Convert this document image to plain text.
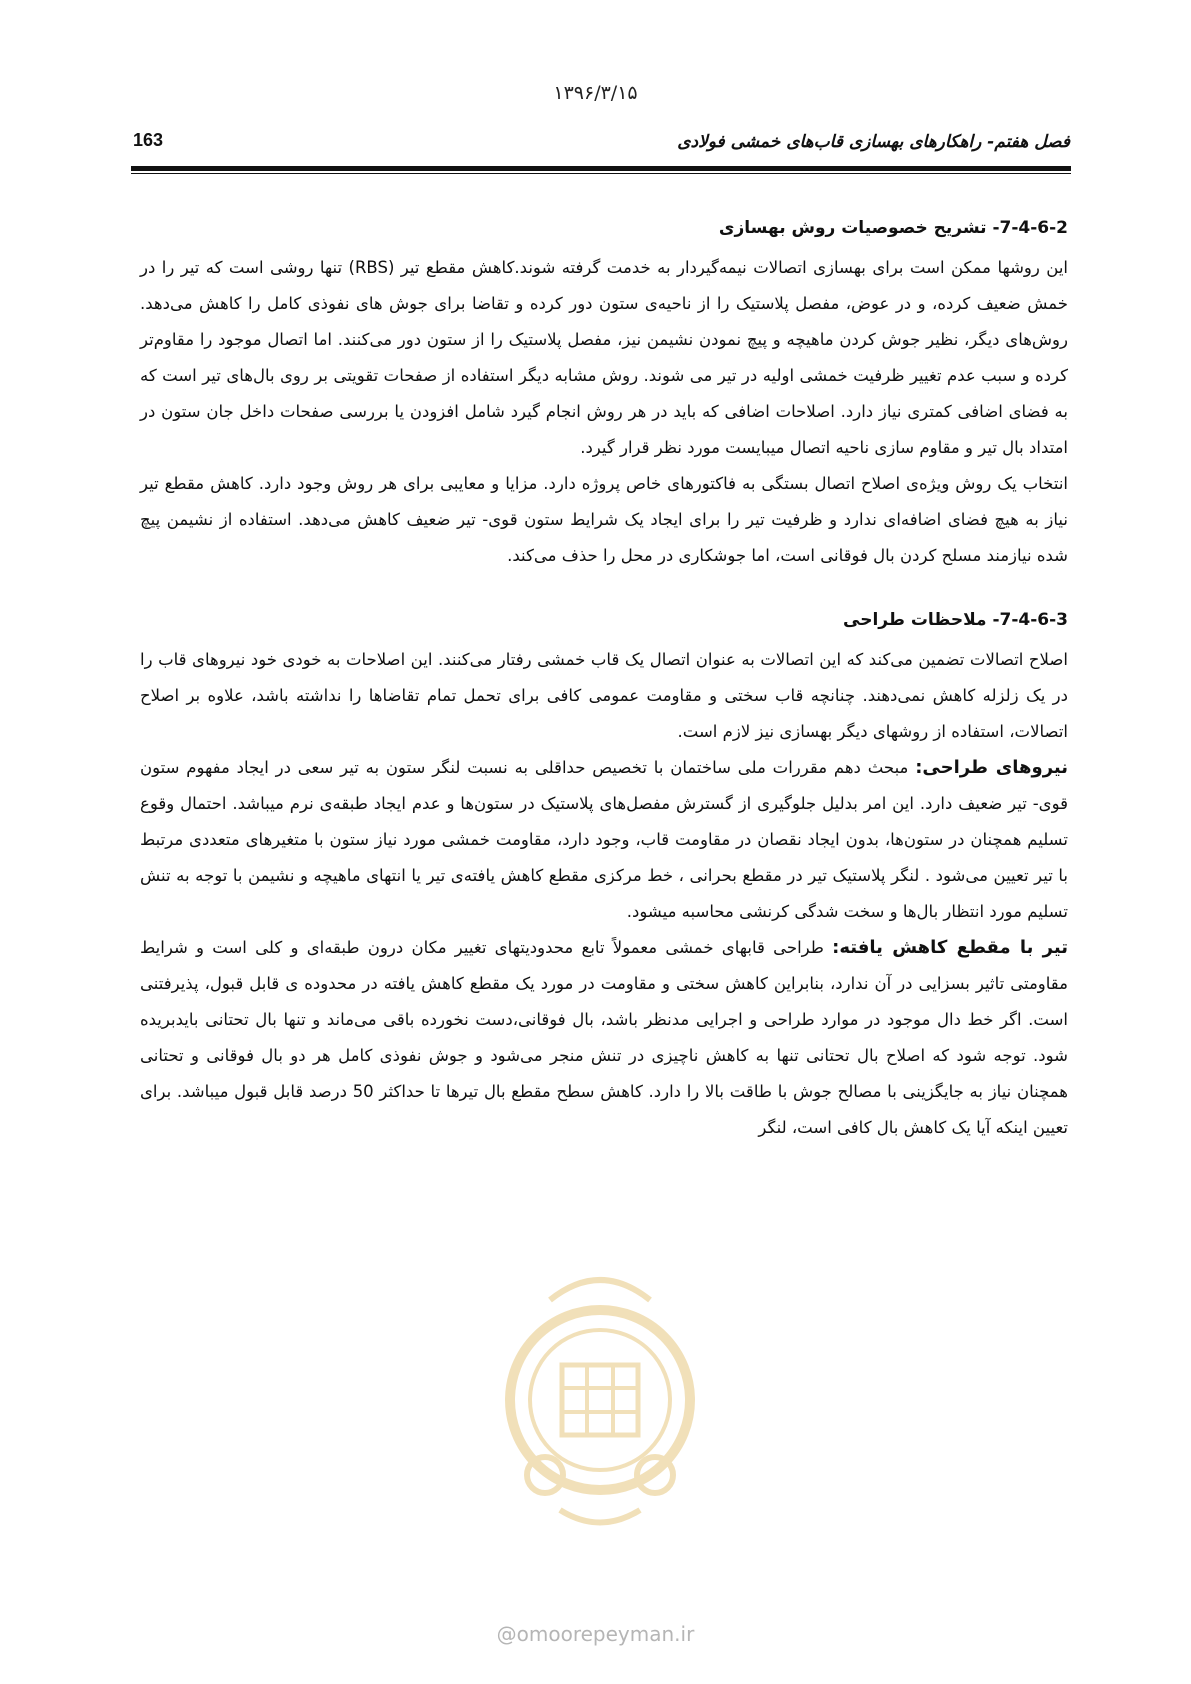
۱۳۹۶/۳/۱۵
فصل هفتم- راهکارهای بهسازی قاب‌های خمشی فولادی
163
7-4-6-2- تشریح خصوصیات روش بهسازی

این روشها ممکن است برای بهسازی اتصالات نیمه‌گیردار به خدمت گرفته شوند.کاهش مقطع تیر (RBS) تنها روشی است که تیر را در خمش ضعیف کرده، و در عوض، مفصل پلاستیک را از ناحیه‌ی ستون دور کرده و تقاضا برای جوش های نفوذی کامل را کاهش می‌دهد. روش‌های دیگر، نظیر جوش کردن ماهیچه و پیچ نمودن نشیمن نیز، مفصل پلاستیک را از ستون دور می‌کنند. اما اتصال موجود را مقاوم‌تر کرده و سبب عدم تغییر ظرفیت خمشی اولیه در تیر می شوند. روش مشابه دیگر استفاده از صفحات تقویتی بر روی بال‌های تیر است که به فضای اضافی کمتری نیاز دارد. اصلاحات اضافی که باید در هر روش انجام گیرد شامل افزودن یا بررسی صفحات داخل جان ستون در امتداد بال تیر و مقاوم سازی ناحیه اتصال میبایست مورد نظر قرار گیرد.

انتخاب یک روش ویژه‌ی اصلاح اتصال بستگی به فاکتورهای خاص پروژه دارد. مزایا و معایبی برای هر روش وجود دارد. کاهش مقطع تیر نیاز به هیچ فضای اضافه‌ای ندارد و ظرفیت تیر را برای ایجاد یک شرایط ستون قوی- تیر ضعیف کاهش می‌دهد. استفاده از نشیمن پیچ شده نیازمند مسلح کردن بال فوقانی است، اما جوشکاری در محل را حذف می‌کند.

7-4-6-3- ملاحظات طراحی

اصلاح اتصالات تضمین می‌کند که این اتصالات به عنوان اتصال یک قاب خمشی رفتار می‌کنند. این اصلاحات به خودی خود نیروهای قاب را در یک زلزله کاهش نمی‌دهند. چنانچه قاب سختی و مقاومت عمومی کافی برای تحمل تمام تقاضاها را نداشته باشد، علاوه بر اصلاح اتصالات، استفاده از روشهای دیگر بهسازی نیز لازم است.

نیروهای طراحی: مبحث دهم مقررات ملی ساختمان با تخصیص حداقلی به نسبت لنگر ستون به تیر سعی در ایجاد مفهوم ستون قوی- تیر ضعیف دارد. این امر بدلیل جلوگیری از گسترش مفصل‌های پلاستیک در ستون‌ها و عدم ایجاد طبقه‌ی نرم میباشد. احتمال وقوع تسلیم همچنان در ستون‌ها، بدون ایجاد نقصان در مقاومت قاب، وجود دارد، مقاومت خمشی مورد نیاز ستون با متغیرهای متعددی مرتبط با تیر تعیین می‌شود . لنگر پلاستیک تیر در مقطع بحرانی ، خط مرکزی مقطع کاهش یافته‌ی تیر یا انتهای ماهیچه و نشیمن با توجه به تنش تسلیم مورد انتظار بال‌ها و سخت شدگی کرنشی محاسبه میشود.

تیر با مقطع کاهش یافته: طراحی قابهای خمشی معمولاً تابع محدودیتهای تغییر مکان درون طبقه‌ای و کلی است و شرایط مقاومتی تاثیر بسزایی در آن ندارد، بنابراین کاهش سختی و مقاومت در مورد یک مقطع کاهش یافته در محدوده ی قابل قبول، پذیرفتنی است. اگر خط دال موجود در موارد طراحی و اجرایی مدنظر باشد، بال فوقانی،دست نخورده باقی می‌ماند و تنها بال تحتانی بایدبریده شود. توجه شود که اصلاح بال تحتانی تنها به کاهش ناچیزی در تنش منجر می‌شود و جوش نفوذی کامل هر دو بال فوقانی و تحتانی همچنان نیاز به جایگزینی با مصالح جوش با طاقت بالا را دارد. کاهش سطح مقطع بال تیرها تا حداکثر 50 درصد قابل قبول میباشد. برای تعیین اینکه آیا یک کاهش بال کافی است، لنگر

@omoorepeyman.ir
